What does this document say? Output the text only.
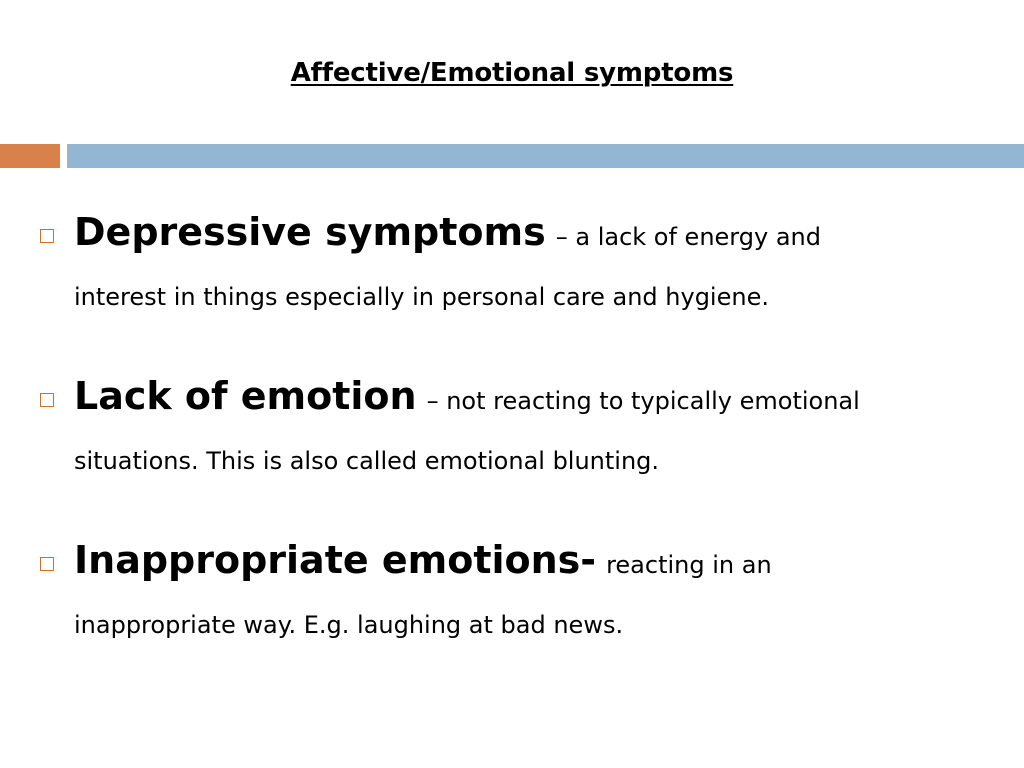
Affective/Emotional symptoms
Depressive symptoms – a lack of energy and
interest in things especially in personal care and hygiene.
Lack of emotion – not reacting to typically emotional
situations. This is also called emotional blunting.
Inappropriate emotions- reacting in an
inappropriate way. E.g. laughing at bad news.
